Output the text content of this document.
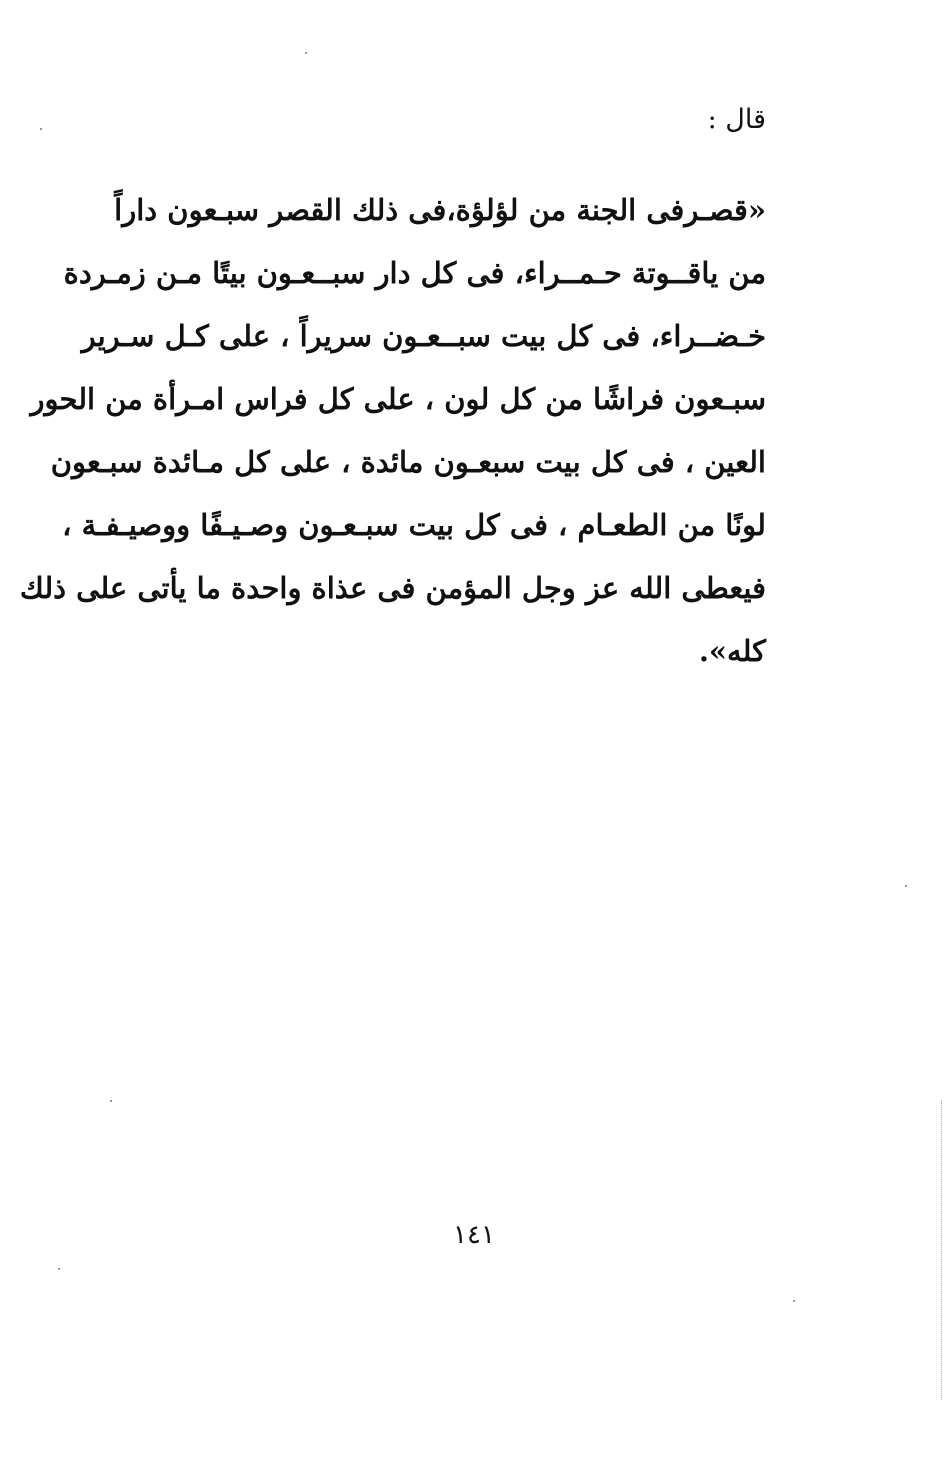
قال :
«قصـرفى الجنة من لؤلؤة،فى ذلك القصر سبـعون داراً
من ياقــوتة حـمــراء، فى كل دار سبــعـون بيتًا مـن زمـردة
خـضــراء، فى كل بيت سبــعـون سريراً ، على كـل سـرير
سبـعون فراشًا من كل لون ، على كل فراس امـرأة من الحور
العين ، فى كل بيت سبعـون مائدة ، على كل مـائدة سبـعون
لونًا من الطعـام ، فى كل بيت سبـعـون وصـيـفًا ووصيـفـة ،
فيعطى الله عز وجل المؤمن فى عذاة واحدة ما يأتى على ذلك
كله».
١٤١
